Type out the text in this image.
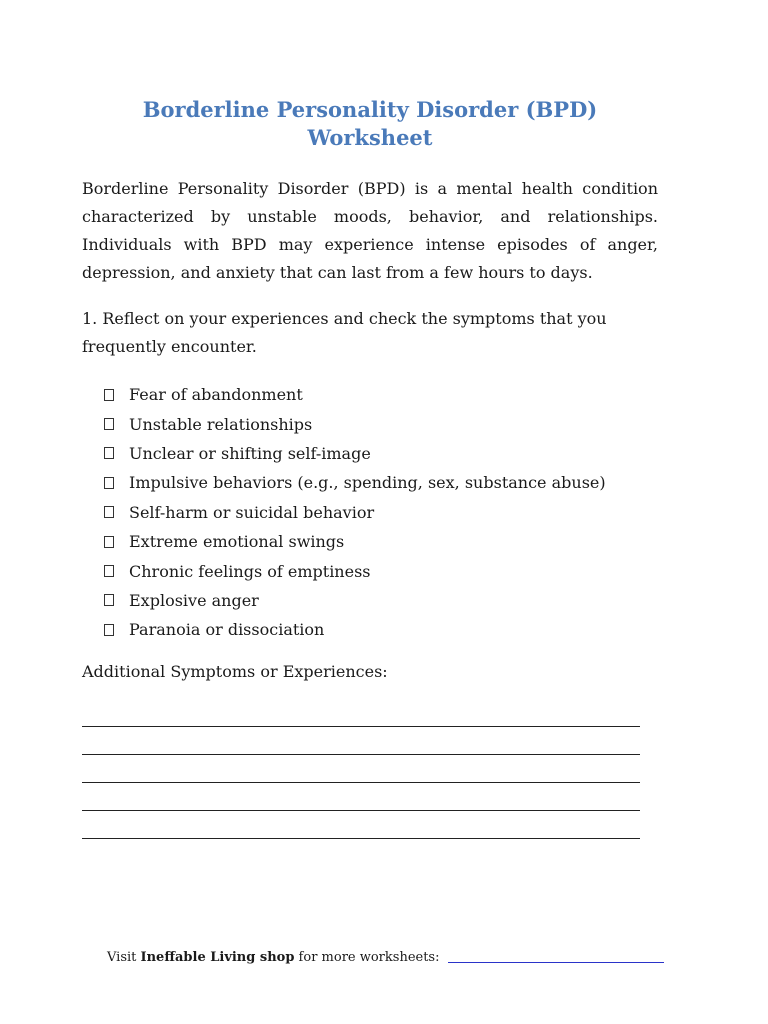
Borderline Personality Disorder (BPD)
Worksheet

Borderline Personality Disorder (BPD) is a mental health condition characterized by unstable moods, behavior, and relationships. Individuals with BPD may experience intense episodes of anger, depression, and anxiety that can last from a few hours to days.

1. Reflect on your experiences and check the symptoms that you frequently encounter.

Fear of abandonment
Unstable relationships
Unclear or shifting self-image
Impulsive behaviors (e.g., spending, sex, substance abuse)
Self-harm or suicidal behavior
Extreme emotional swings
Chronic feelings of emptiness
Explosive anger
Paranoia or dissociation

Additional Symptoms or Experiences:

Visit Ineffable Living shop for more worksheets:
